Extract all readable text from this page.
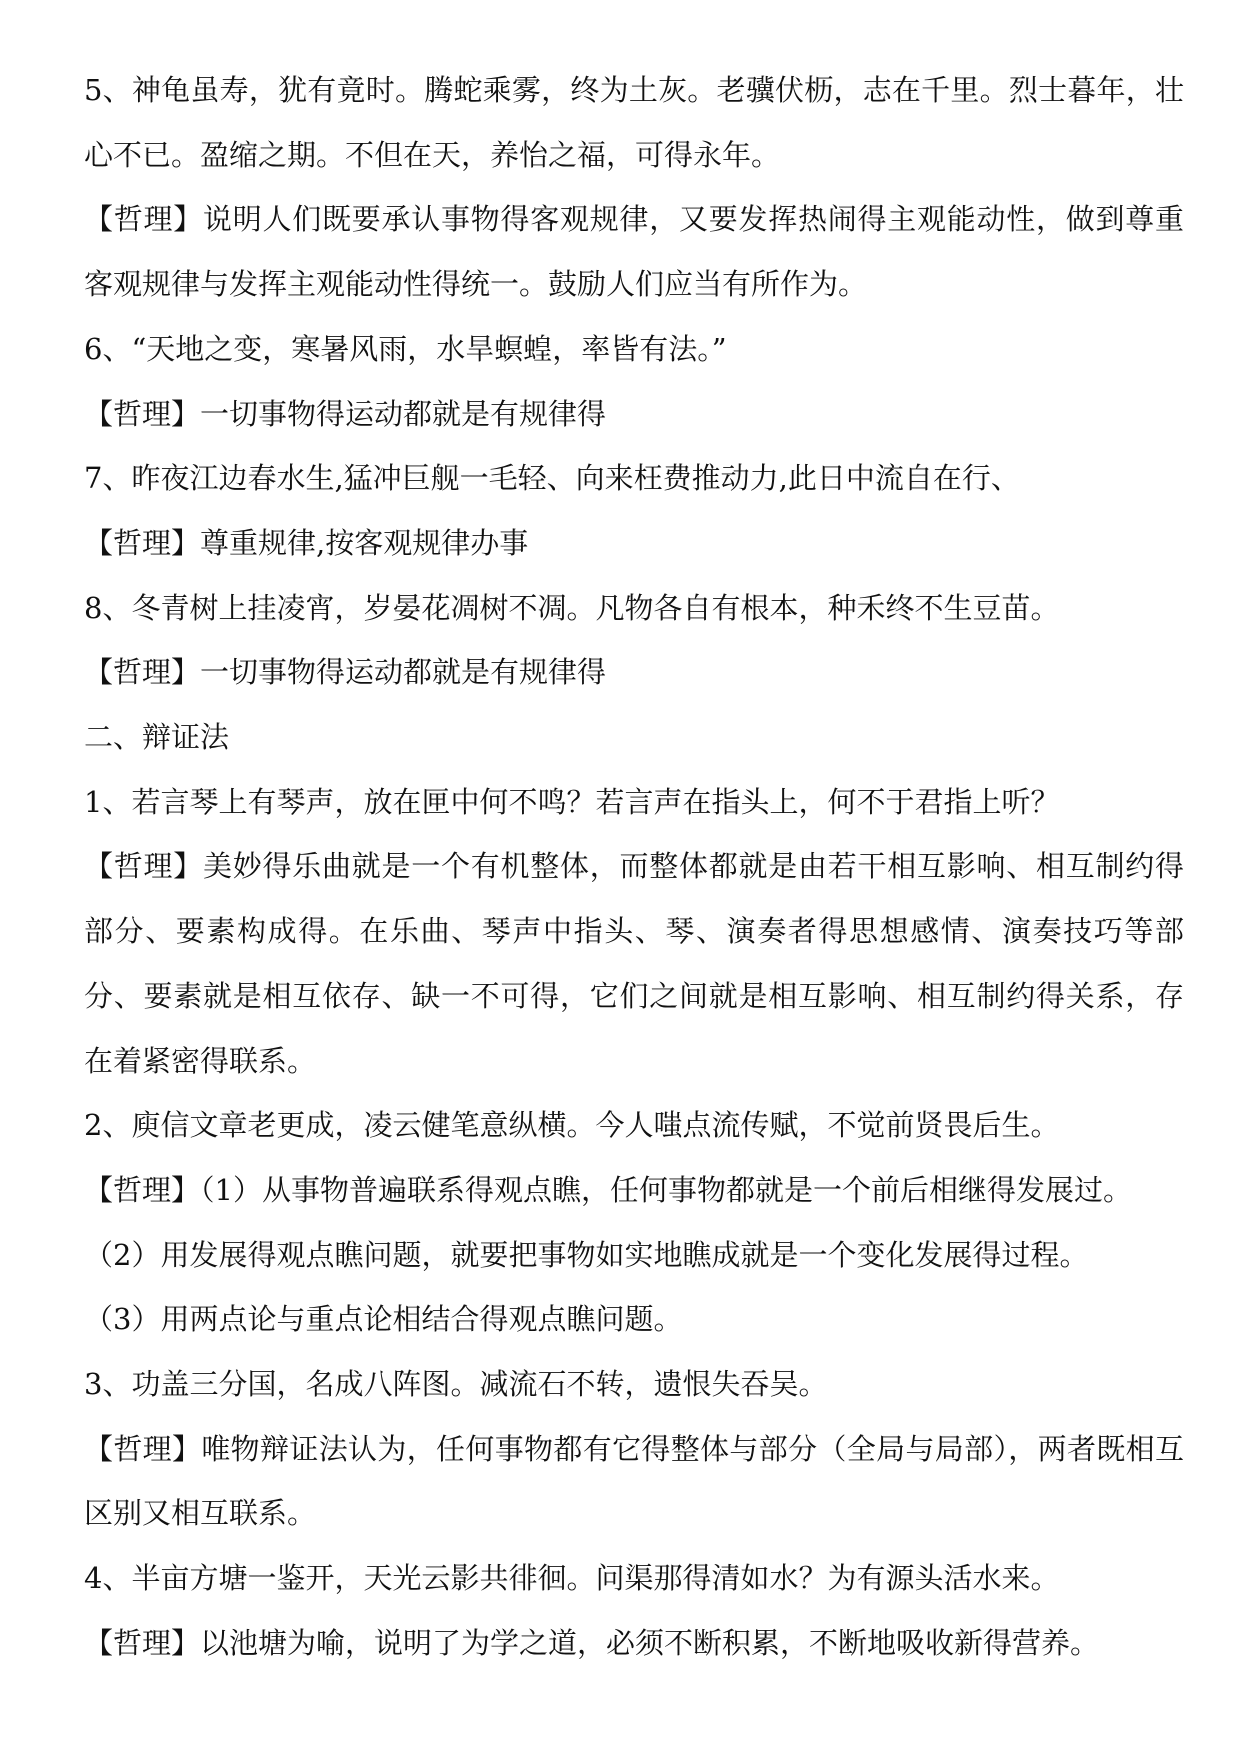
5、神龟虽寿，犹有竟时。腾蛇乘雾，终为土灰。老骥伏枥，志在千里。烈士暮年，壮心不已。盈缩之期。不但在天，养怡之福，可得永年。

【哲理】说明人们既要承认事物得客观规律，又要发挥热闹得主观能动性，做到尊重客观规律与发挥主观能动性得统一。鼓励人们应当有所作为。

6、“天地之变，寒暑风雨，水旱螟蝗，率皆有法。”

【哲理】一切事物得运动都就是有规律得

7、昨夜江边春水生,猛冲巨舰一毛轻、向来枉费推动力,此日中流自在行、

【哲理】尊重规律,按客观规律办事

8、冬青树上挂凌宵，岁晏花凋树不凋。凡物各自有根本，种禾终不生豆苗。

【哲理】一切事物得运动都就是有规律得

二、辩证法

1、若言琴上有琴声，放在匣中何不鸣？若言声在指头上，何不于君指上听？

【哲理】美妙得乐曲就是一个有机整体，而整体都就是由若干相互影响、相互制约得部分、要素构成得。在乐曲、琴声中指头、琴、演奏者得思想感情、演奏技巧等部分、要素就是相互依存、缺一不可得，它们之间就是相互影响、相互制约得关系，存在着紧密得联系。

2、庾信文章老更成，凌云健笔意纵横。今人嗤点流传赋，不觉前贤畏后生。

【哲理】（1）从事物普遍联系得观点瞧，任何事物都就是一个前后相继得发展过。

（2）用发展得观点瞧问题，就要把事物如实地瞧成就是一个变化发展得过程。

（3）用两点论与重点论相结合得观点瞧问题。

3、功盖三分国，名成八阵图。减流石不转，遗恨失吞吴。

【哲理】唯物辩证法认为，任何事物都有它得整体与部分（全局与局部），两者既相互区别又相互联系。

4、半亩方塘一鉴开，天光云影共徘徊。问渠那得清如水？为有源头活水来。

【哲理】以池塘为喻，说明了为学之道，必须不断积累，不断地吸收新得营养。
